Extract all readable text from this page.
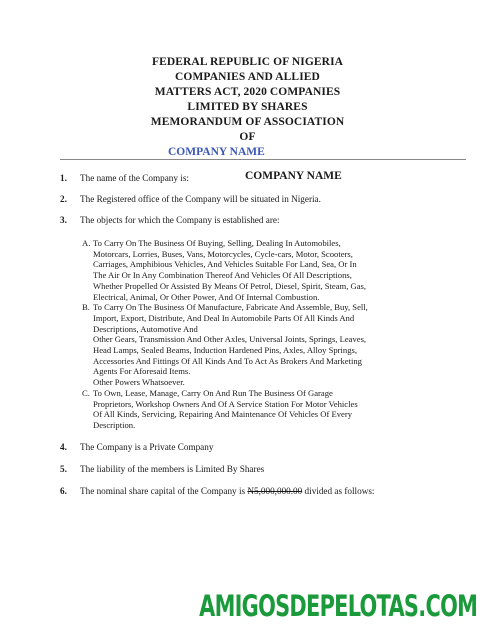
FEDERAL REPUBLIC OF NIGERIA
COMPANIES AND ALLIED
MATTERS ACT, 2020 COMPANIES
LIMITED BY SHARES
MEMORANDUM OF ASSOCIATION
OF
COMPANY NAME
1. The name of the Company is:	COMPANY NAME
2. The Registered office of the Company will be situated in Nigeria.
3. The objects for which the Company is established are:
A. To Carry On The Business Of Buying, Selling, Dealing In Automobiles,
Motorcars, Lorries, Buses, Vans, Motorcycles, Cycle-cars, Motor, Scooters,
Carriages, Amphibious Vehicles, And Vehicles Suitable For Land, Sea, Or In
The Air Or In Any Combination Thereof And Vehicles Of All Descriptions,
Whether Propelled Or Assisted By Means Of Petrol, Diesel, Spirit, Steam, Gas,
Electrical, Animal, Or Other Power, And Of Internal Combustion.
B. To Carry On The Business Of Manufacture, Fabricate And Assemble, Buy, Sell,
Import, Export, Distribute, And Deal In Automobile Parts Of All Kinds And
Descriptions, Automotive And
Other Gears, Transmission And Other Axles, Universal Joints, Springs, Leaves,
Head Lamps, Sealed Beams, Induction Hardened Pins, Axles, Alloy Springs,
Accessories And Fittings Of All Kinds And To Act As Brokers And Marketing
Agents For Aforesaid Items.
Other Powers Whatsoever.
C. To Own, Lease, Manage, Carry On And Run The Business Of Garage
Proprietors, Workshop Owners And Of A Service Station For Motor Vehicles
Of All Kinds, Servicing, Repairing And Maintenance Of Vehicles Of Every
Description.
4. The Company is a Private Company
5. The liability of the members is Limited By Shares
6. The nominal share capital of the Company is N5,000,000.00 divided as follows:
AMIGOSDEPELOTAS.COM
